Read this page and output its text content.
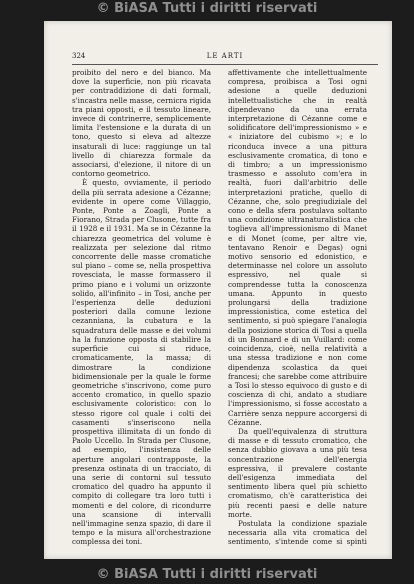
© BiASA Tutti i diritti riservati
324	LE ARTI

proibito del nero e del bianco. Ma dove la superficie, non più ricavata per contraddizione di dati formali, s'incastra nelle masse, cernicra rigida tra piani opposti, e il tessuto lineare, invece di contrinerre, semplicemente limita l'estensione e la durata di un tono, questo si eleva ad altezze insaturali di luce: raggiunge un tal livello di chiarezza formale da associarsi, d'elezione, il nitore di un contorno geometrico.

È questo, ovviamente, il periodo della più serrata adesione a Cézanne; evidente in opere come Villaggio, Ponte, Ponte a Zoagli, Ponte a Fiorano, Strada per Clusone, tutte fra il 1928 e il 1931. Ma se in Cézanne la chiarezza geometrica del volume è realizzata per selezione dal ritmo concorrente delle masse cromatiche sul piano – come se, nella prospettiva rovesciata, le masse formassero il primo piano e i volumi un orizzonte solido, all'infinito – in Tosi, anche per l'esperienza delle deduzioni posteriori dalla comune lezione cezanniana, la cubatura e la squadratura delle masse e dei volumi ha la funzione opposta di stabilire la superficie cui si riduce, cromaticamente, la massa; di dimostrare la condizione bidimensionale per la quale le forme geometriche s'inscrivono, come puro accento cromatico, in quello spazio esclusivamente coloristico: con lo stesso rigore col quale i colti dei casamenti s'inseriscono nella prospettiva illimitata di un fondo di Paolo Uccello. In Strada per Clusone, ad esempio, l'insistenza delle aperture angolari contrapposte, la presenza ostinata di un tracciato, di una serie di contorni sul tessuto cromatico del quadro ha appunto il compito di collegare tra loro tutti i momenti e del colore, di ricondurre una scansione di intervalli nell'immagine senza spazio, di dare il tempo e la misura all'orchestrazione complessa dei toni.

affettivamente che intellettualmente compresa, proibisca a Tosi ogni adesione a quelle deduzioni intellettualistiche che in realtà dipendevano da una errata interpretazione di Cézanne come e solidificatore dell'impressionismo » e « iniziatore del cubismo »; e lo riconduca invece a una pittura esclusivamente cromatica, di tono e di timbro; a un impressionismo trasmesso e assoluto com'era in realtà, fuori dall'arbitrio delle interpretazioni pratiche, quello di Cézanne, che, solo pregiudiziale del cono e della sfera postulava soltanto una condizione ultranaturalistica che toglieva all'impressionismo di Manet e di Monet (come, per altre vie, tentavano Renoir e Degas) ogni motivo sensorio ed edonistico, e determinasse nel colore un assoluto espressivo, nel quale si comprendesse tutta la conoscenza umana. Appunto in questo prolungarsi della tradizione impressionistica, come estetica del sentimento, si può spiegare l'analogia della posizione storica di Tosi a quella di un Bonnard e di un Vuillard: come coincidenza, cioè, nella relatività a una stessa tradizione e non come dipendenza scolastica da quei francesi; che sarebbe come attribuire a Tosi lo stesso equivoco di gusto e di coscienza di chi, andato a studiare l'impressionismo, si fosse accostato a Carrière senza neppure accorgersi di Cézanne.

Da quell'equivalenza di struttura di masse e di tessuto cromatico, che senza dubbio giovava a una più tesa concentrazione dell'energia espressiva, il prevalere costante dell'esigenza immediata del sentimento libera quel più schietto cromatismo, ch'è caratteristica dei più recenti paesi e delle nature morte.

Postulata la condizione spaziale necessaria alla vita cromatica del sentimento, s'intende come si spinti

© BiASA Tutti i diritti riservati
